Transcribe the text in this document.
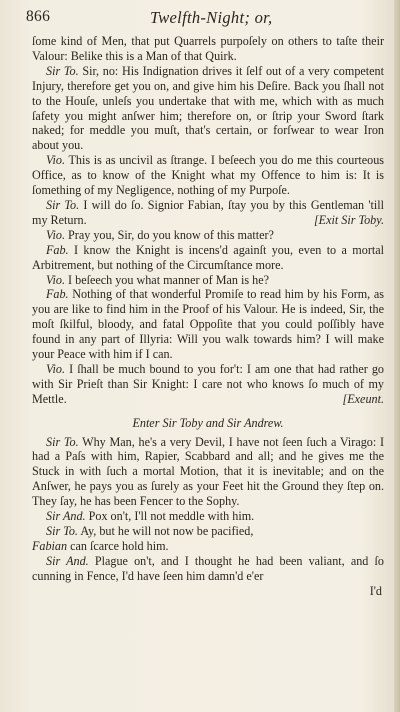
866	Twelfth-Night; or,

ſome kind of Men, that put Quarrels purpoſely on others to taſte their Valour: Belike this is a Man of that Quirk.

Sir To. Sir, no: His Indignation drives it ſelf out of a very competent Injury, therefore get you on, and give him his Deſire. Back you ſhall not to the Houſe, unleſs you undertake that with me, which with as much ſafety you might anſwer him; therefore on, or ſtrip your Sword ſtark naked; for meddle you muſt, that's certain, or forſwear to wear Iron about you.

Vio. This is as uncivil as ſtrange. I beſeech you do me this courteous Office, as to know of the Knight what my Offence to him is: It is ſomething of my Negligence, nothing of my Purpoſe.

Sir To. I will do ſo. Signior Fabian, ſtay you by this Gentleman 'till my Return.	[Exit Sir Toby.

Vio. Pray you, Sir, do you know of this matter?

Fab. I know the Knight is incens'd againſt you, even to a mortal Arbitrement, but nothing of the Circumſtance more.

Vio. I beſeech you what manner of Man is he?

Fab. Nothing of that wonderful Promiſe to read him by his Form, as you are like to find him in the Proof of his Valour. He is indeed, Sir, the moſt ſkilful, bloody, and fatal Oppoſite that you could poſſibly have found in any part of Illyria: Will you walk towards him? I will make your Peace with him if I can.

Vio. I ſhall be much bound to you for't: I am one that had rather go with Sir Prieſt than Sir Knight: I care not who knows ſo much of my Mettle.	[Exeunt.

Enter Sir Toby and Sir Andrew.

Sir To. Why Man, he's a very Devil, I have not ſeen ſuch a Virago: I had a Paſs with him, Rapier, Scabbard and all; and he gives me the Stuck in with ſuch a mortal Motion, that it is inevitable; and on the Anſwer, he pays you as ſurely as your Feet hit the Ground they ſtep on. They ſay, he has been Fencer to the Sophy.

Sir And. Pox on't, I'll not meddle with him.

Sir To. Ay, but he will not now be pacified,

Fabian can ſcarce hold him.

Sir And. Plague on't, and I thought he had been valiant, and ſo cunning in Fence, I'd have ſeen him damn'd e'er

I'd
